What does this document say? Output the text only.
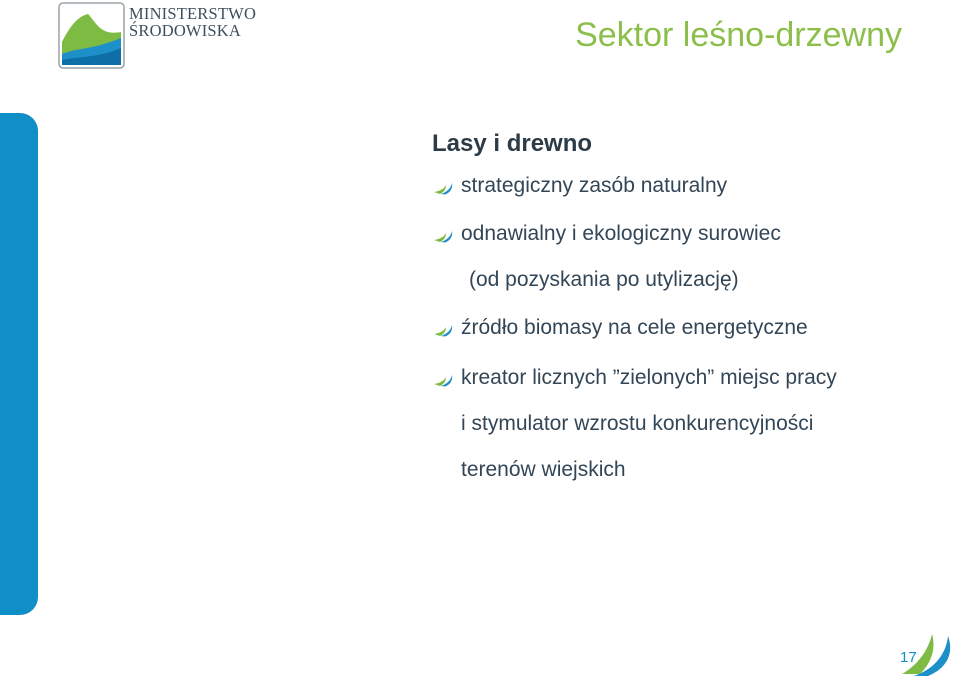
MINISTERSTWO
ŚRODOWISKA	Sektor leśno-drzewny
Lasy i drewno
strategiczny zasób naturalny
odnawialny i ekologiczny surowiec
(od pozyskania po utylizację)
źródło biomasy na cele energetyczne
kreator licznych ”zielonych” miejsc pracy
i stymulator wzrostu konkurencyjności
terenów wiejskich
17
